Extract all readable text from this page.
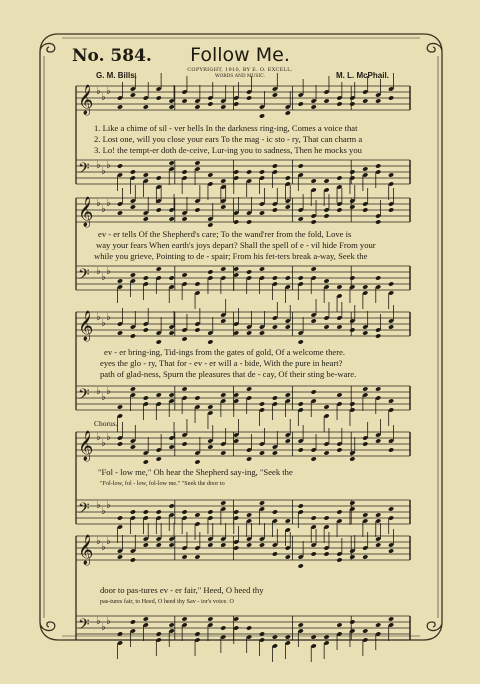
No. 584.	Follow Me.
COPYRIGHT, 1910, BY E. O. EXCELL.
WORDS AND MUSIC.
G. M. Bills.	M. L. McPhail.
𝄞 ♭
♭
♭
𝄢 ♭
♭
♭
𝄞 ♭
♭
♭
𝄢 ♭
♭
♭
𝄞 ♭
♭
♭
𝄢 ♭
♭
♭
𝄞 ♭
♭
♭
𝄢 ♭
♭
♭
𝄞 ♭
♭
♭
𝄢 ♭
♭
♭
1. Like a chime of sil - ver bells In the darkness ring-ing, Comes a voice that
2. Lost one, will you close your ears To the mag - ic sto - ry, That can charm a
3. Lo! the tempt-er doth de-ceive, Lur-ing you to sadness, Then he mocks you
ev - er tells Of the Shepherd's care; To the wand'rer from the fold, Love is
way your fears When earth's joys depart? Shall the spell of e - vil hide From your
while you grieve, Pointing to de - spair; From his fet-ters break a-way, Seek the
ev - er bring-ing, Tid-ings from the gates of gold, Of a welcome there.
eyes the glo - ry, That for - ev - er will a - bide, With the pure in heart?
path of glad-ness, Spurn the pleasures that de - cay, Of their sting be-ware.
Chorus.
"Fol - low me," Oh hear the Shepherd say-ing, "Seek the
"Fol-low, fol - low, fol-low me." "Seek the door to
door to pas-tures ev - er fair," Heed, O heed thy
pas-tures fair, to Heed, O heed thy Sav - ior's voice. O
